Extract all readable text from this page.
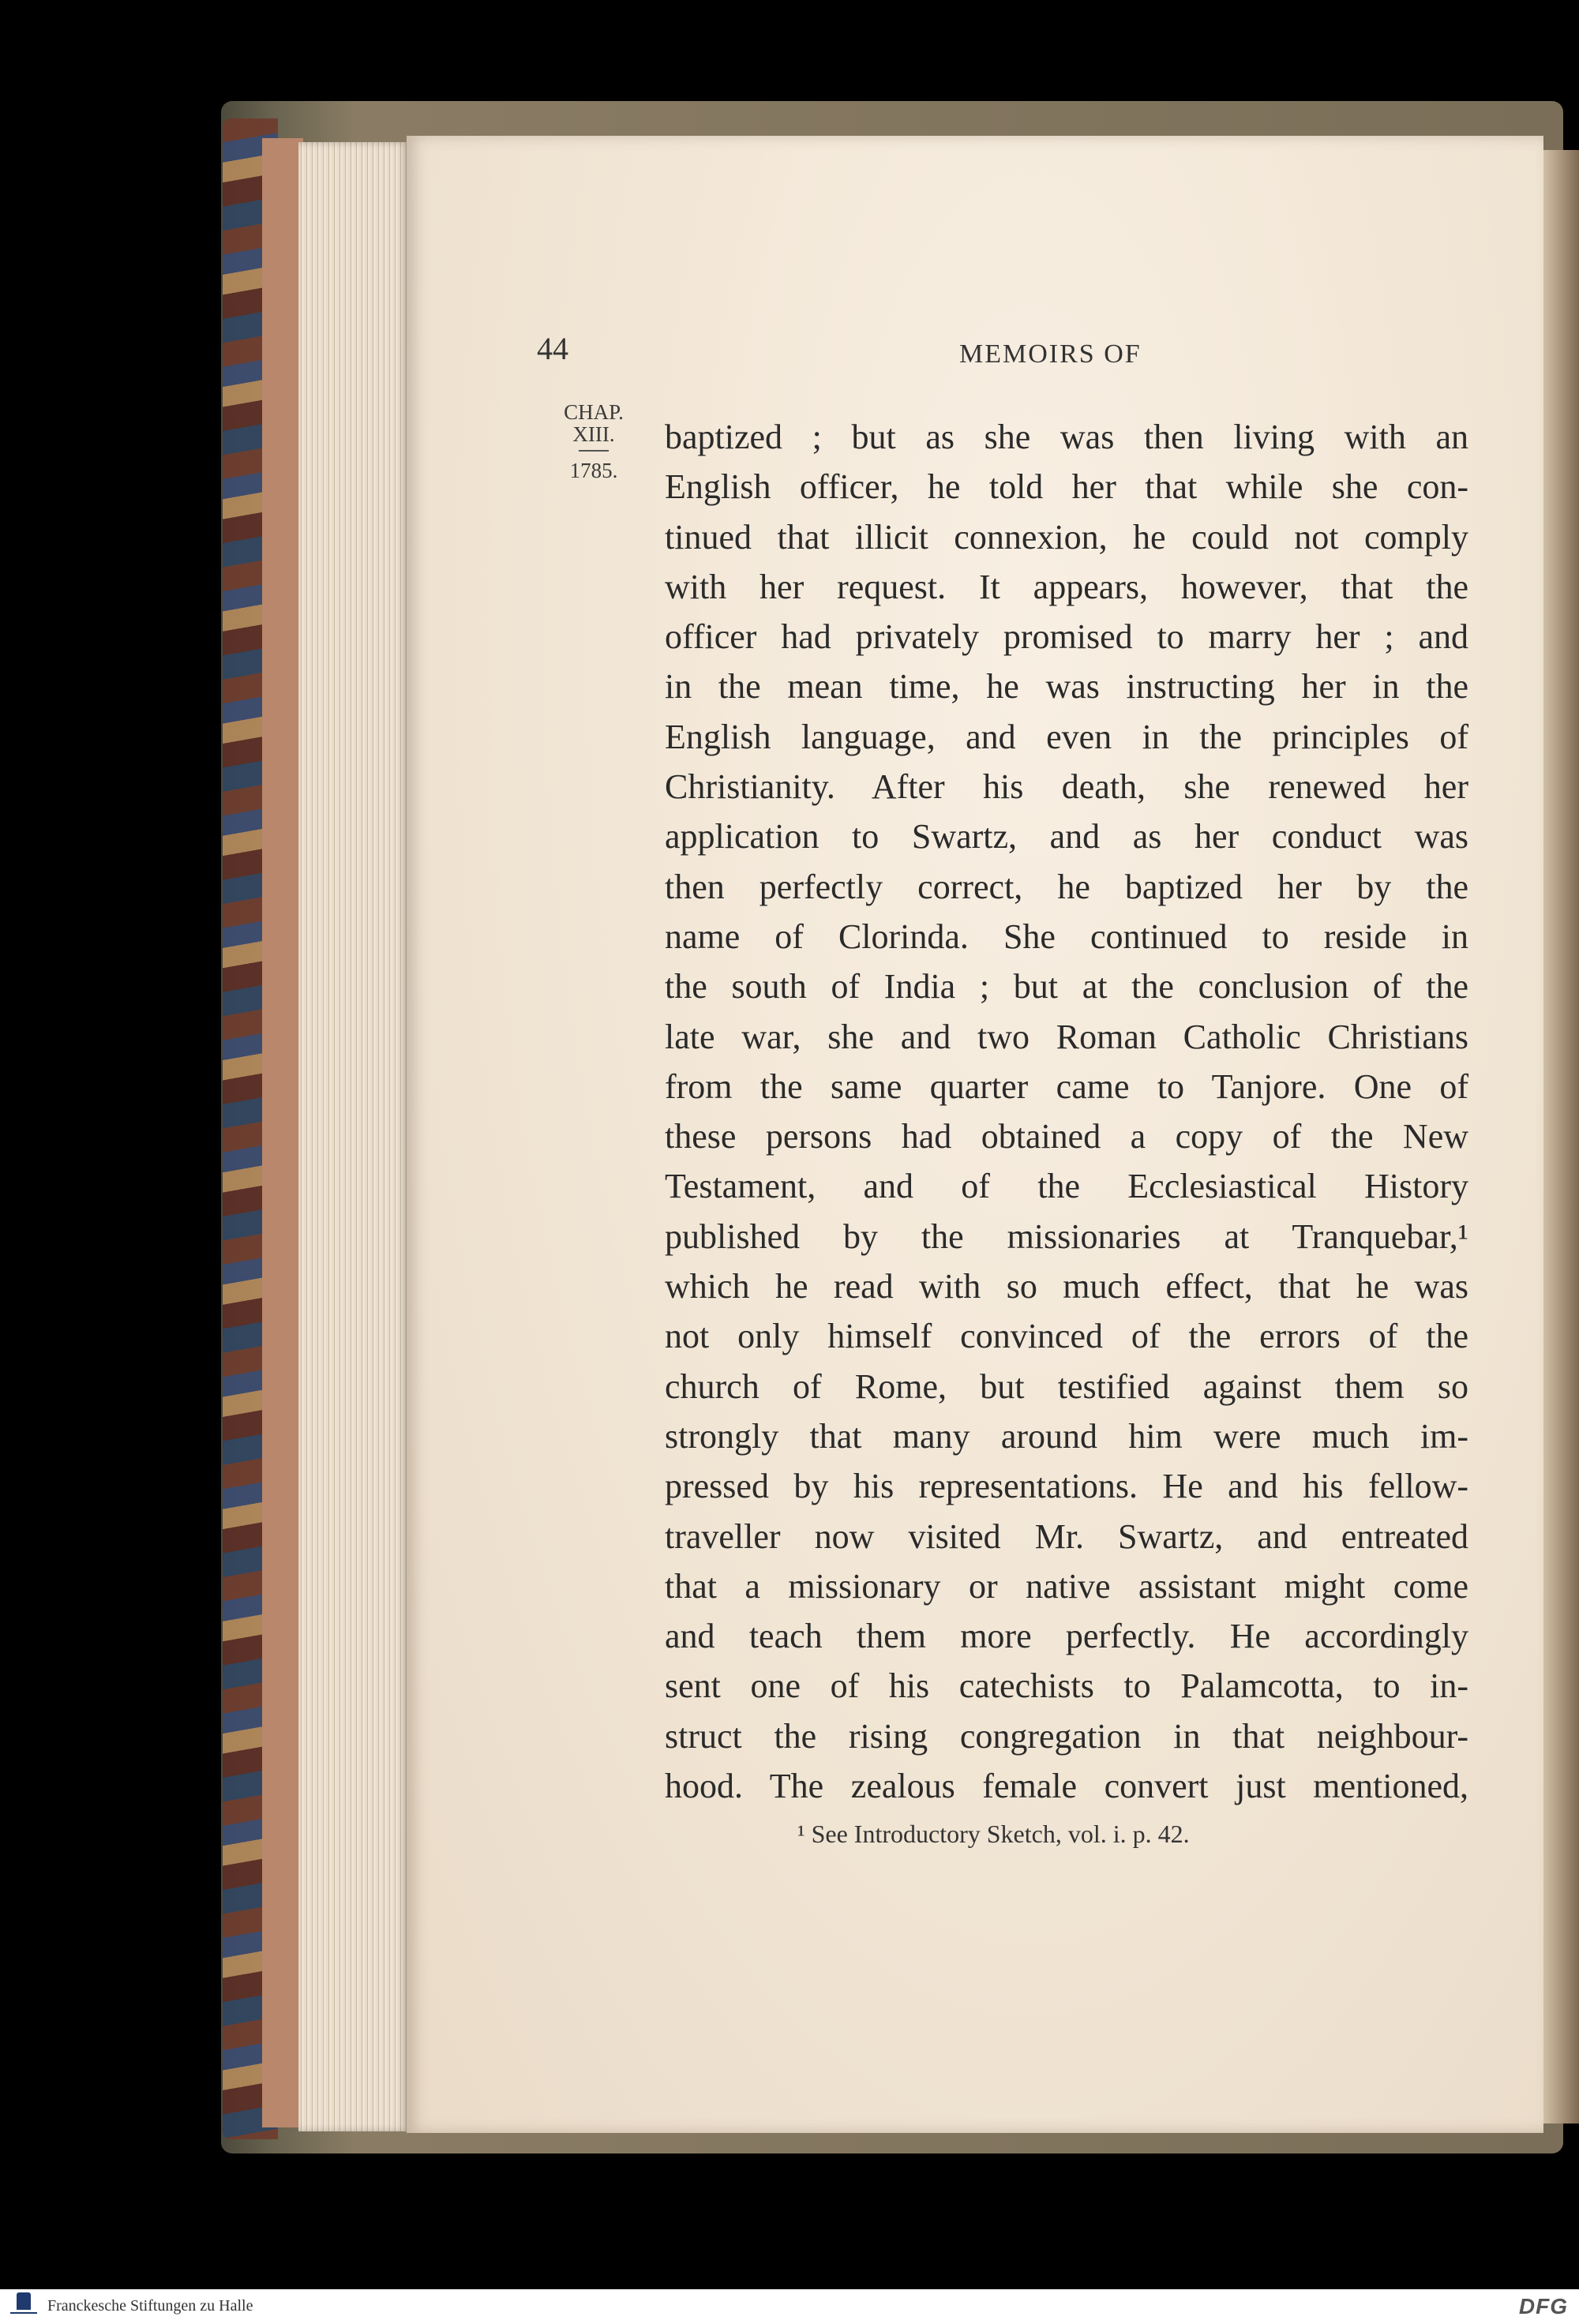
44	MEMOIRS OF
CHAP.
XIII.
1785.
baptized ; but as she was then living with an
English officer, he told her that while she con-
tinued that illicit connexion, he could not comply
with her request. It appears, however, that the
officer had privately promised to marry her ; and
in the mean time, he was instructing her in the
English language, and even in the principles of
Christianity. After his death, she renewed her
application to Swartz, and as her conduct was
then perfectly correct, he baptized her by the
name of Clorinda. She continued to reside in
the south of India ; but at the conclusion of the
late war, she and two Roman Catholic Christians
from the same quarter came to Tanjore. One of
these persons had obtained a copy of the New
Testament, and of the Ecclesiastical History
published by the missionaries at Tranquebar,¹
which he read with so much effect, that he was
not only himself convinced of the errors of the
church of Rome, but testified against them so
strongly that many around him were much im-
pressed by his representations. He and his fellow-
traveller now visited Mr. Swartz, and entreated
that a missionary or native assistant might come
and teach them more perfectly. He accordingly
sent one of his catechists to Palamcotta, to in-
struct the rising congregation in that neighbour-
hood. The zealous female convert just mentioned,
¹ See Introductory Sketch, vol. i. p. 42.
Franckesche Stiftungen zu Halle	DFG
